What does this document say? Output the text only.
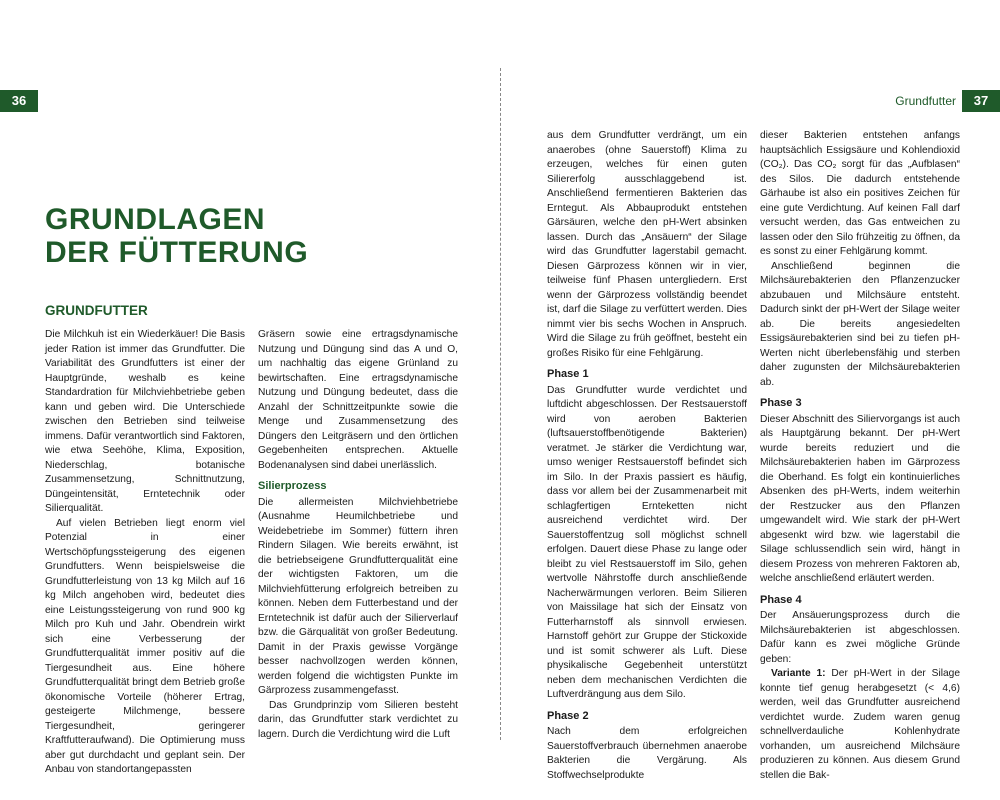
36	Grundfutter	37
GRUNDLAGEN
DER FÜTTERUNG
GRUNDFUTTER

Die Milchkuh ist ein Wiederkäuer! Die Basis jeder Ration ist immer das Grundfutter. Die Variabilität des Grundfutters ist einer der Hauptgründe, weshalb es keine Standardration für Milchviehbetriebe geben kann und geben wird. Die Unterschiede zwischen den Betrieben sind teilweise immens. Dafür verantwortlich sind Faktoren, wie etwa Seehöhe, Klima, Exposition, Niederschlag, botanische Zusammensetzung, Schnittnutzung, Düngeintensität, Erntetechnik oder Silierqualität.

Auf vielen Betrieben liegt enorm viel Potenzial in einer Wertschöpfungssteigerung des eigenen Grundfutters. Wenn beispielsweise die Grundfutterleistung von 13 kg Milch auf 16 kg Milch angehoben wird, bedeutet dies eine Leistungssteigerung von rund 900 kg Milch pro Kuh und Jahr. Obendrein wirkt sich eine Verbesserung der Grundfutterqualität immer positiv auf die Tiergesundheit aus. Eine höhere Grundfutterqualität bringt dem Betrieb große ökonomische Vorteile (höherer Ertrag, gesteigerte Milchmenge, bessere Tiergesundheit, geringerer Kraftfutteraufwand). Die Optimierung muss aber gut durchdacht und geplant sein. Der Anbau von standortangepassten

Gräsern sowie eine ertragsdynamische Nutzung und Düngung sind das A und O, um nachhaltig das eigene Grünland zu bewirtschaften. Eine ertragsdynamische Nutzung und Düngung bedeutet, dass die Anzahl der Schnittzeitpunkte sowie die Menge und Zusammensetzung des Düngers den Leitgräsern und den örtlichen Gegebenheiten entsprechen. Aktuelle Bodenanalysen sind dabei unerlässlich.

Silierprozess

Die allermeisten Milchviehbetriebe (Ausnahme Heumilchbetriebe und Weidebetriebe im Sommer) füttern ihren Rindern Silagen. Wie bereits erwähnt, ist die betriebseigene Grundfutterqualität eine der wichtigsten Faktoren, um die Milchviehfütterung erfolgreich betreiben zu können. Neben dem Futterbestand und der Erntetechnik ist dafür auch der Silierverlauf bzw. die Gärqualität von großer Bedeutung. Damit in der Praxis gewisse Vorgänge besser nachvollzogen werden können, werden folgend die wichtigsten Punkte im Gärprozess zusammengefasst.

Das Grundprinzip vom Silieren besteht darin, das Grundfutter stark verdichtet zu lagern. Durch die Verdichtung wird die Luft

aus dem Grundfutter verdrängt, um ein anaerobes (ohne Sauerstoff) Klima zu erzeugen, welches für einen guten Siliererfolg ausschlaggebend ist. Anschließend fermentieren Bakterien das Erntegut. Als Abbauprodukt entstehen Gärsäuren, welche den pH-Wert absinken lassen. Durch das „Ansäuern“ der Silage wird das Grundfutter lagerstabil gemacht. Diesen Gärprozess können wir in vier, teilweise fünf Phasen untergliedern. Erst wenn der Gärprozess vollständig beendet ist, darf die Silage zu verfüttert werden. Dies nimmt vier bis sechs Wochen in Anspruch. Wird die Silage zu früh geöffnet, besteht ein großes Risiko für eine Fehlgärung.

Phase 1

Das Grundfutter wurde verdichtet und luftdicht abgeschlossen. Der Restsauerstoff wird von aeroben Bakterien (luftsauerstoffbenötigende Bakterien) veratmet. Je stärker die Verdichtung war, umso weniger Restsauerstoff befindet sich im Silo. In der Praxis passiert es häufig, dass vor allem bei der Zusammenarbeit mit schlagfertigen Ernteketten nicht ausreichend verdichtet wird. Der Sauerstoffentzug soll möglichst schnell erfolgen. Dauert diese Phase zu lange oder bleibt zu viel Restsauerstoff im Silo, gehen wertvolle Nährstoffe durch anschließende Nacherwärmungen verloren. Beim Silieren von Maissilage hat sich der Einsatz von Futterharnstoff als sinnvoll erwiesen. Harnstoff gehört zur Gruppe der Stickoxide und ist somit schwerer als Luft. Diese physikalische Gegebenheit unterstützt neben dem mechanischen Verdichten die Luftverdrängung aus dem Silo.

Phase 2

Nach dem erfolgreichen Sauerstoffverbrauch übernehmen anaerobe Bakterien die Vergärung. Als Stoffwechselprodukte

dieser Bakterien entstehen anfangs hauptsächlich Essigsäure und Kohlendioxid (CO₂). Das CO₂ sorgt für das „Aufblasen“ des Silos. Die dadurch entstehende Gärhaube ist also ein positives Zeichen für eine gute Verdichtung. Auf keinen Fall darf versucht werden, das Gas entweichen zu lassen oder den Silo frühzeitig zu öffnen, da es sonst zu einer Fehlgärung kommt.

Anschließend beginnen die Milchsäurebakterien den Pflanzenzucker abzubauen und Milchsäure entsteht. Dadurch sinkt der pH-Wert der Silage weiter ab. Die bereits angesiedelten Essigsäurebakterien sind bei zu tiefen pH-Werten nicht überlebensfähig und sterben daher zugunsten der Milchsäurebakterien ab.

Phase 3

Dieser Abschnitt des Siliervorgangs ist auch als Hauptgärung bekannt. Der pH-Wert wurde bereits reduziert und die Milchsäurebakterien haben im Gärprozess die Oberhand. Es folgt ein kontinuierliches Absenken des pH-Werts, indem weiterhin der Restzucker aus den Pflanzen umgewandelt wird. Wie stark der pH-Wert abgesenkt wird bzw. wie lagerstabil die Silage schlussendlich sein wird, hängt in diesem Prozess von mehreren Faktoren ab, welche anschließend erläutert werden.

Phase 4

Der Ansäuerungsprozess durch die Milchsäurebakterien ist abgeschlossen. Dafür kann es zwei mögliche Gründe geben:

Variante 1: Der pH-Wert in der Silage konnte tief genug herabgesetzt (< 4,6) werden, weil das Grundfutter ausreichend verdichtet wurde. Zudem waren genug schnellverdauliche Kohlenhydrate vorhanden, um ausreichend Milchsäure produzieren zu können. Aus diesem Grund stellen die Bak-
